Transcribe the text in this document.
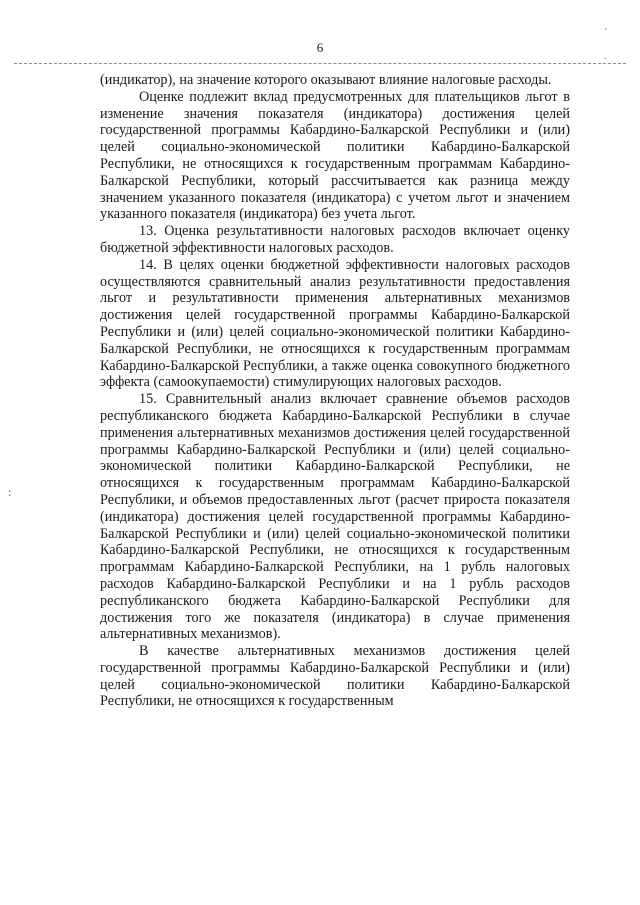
6
'
.
:

(индикатор), на значение которого оказывают влияние налоговые расходы.

Оценке подлежит вклад предусмотренных для плательщиков льгот в изменение значения показателя (индикатора) достижения целей государственной программы Кабардино-Балкарской Республики и (или) целей социально-экономической политики Кабардино-Балкарской Республики, не относящихся к государственным программам Кабардино-Балкарской Республики, который рассчитывается как разница между значением указанного показателя (индикатора) с учетом льгот и значением указанного показателя (индикатора) без учета льгот.

13. Оценка результативности налоговых расходов включает оценку бюджетной эффективности налоговых расходов.

14. В целях оценки бюджетной эффективности налоговых расходов осуществляются сравнительный анализ результативности предоставления льгот и результативности применения альтернативных механизмов достижения целей государственной программы Кабардино-Балкарской Республики и (или) целей социально-экономической политики Кабардино-Балкарской Республики, не относящихся к государственным программам Кабардино-Балкарской Республики, а также оценка совокупного бюджетного эффекта (самоокупаемости) стимулирующих налоговых расходов.

15. Сравнительный анализ включает сравнение объемов расходов республиканского бюджета Кабардино-Балкарской Республики в случае применения альтернативных механизмов достижения целей государственной программы Кабардино-Балкарской Республики и (или) целей социально-экономической политики Кабардино-Балкарской Республики, не относящихся к государственным программам Кабардино-Балкарской Республики, и объемов предоставленных льгот (расчет прироста показателя (индикатора) достижения целей государственной программы Кабардино-Балкарской Республики и (или) целей социально-экономической политики Кабардино-Балкарской Республики, не относящихся к государственным программам Кабардино-Балкарской Республики, на 1 рубль налоговых расходов Кабардино-Балкарской Республики и на 1 рубль расходов республиканского бюджета Кабардино-Балкарской Республики для достижения того же показателя (индикатора) в случае применения альтернативных механизмов).

В качестве альтернативных механизмов достижения целей государственной программы Кабардино-Балкарской Республики и (или) целей социально-экономической политики Кабардино-Балкарской Республики, не относящихся к государственным
